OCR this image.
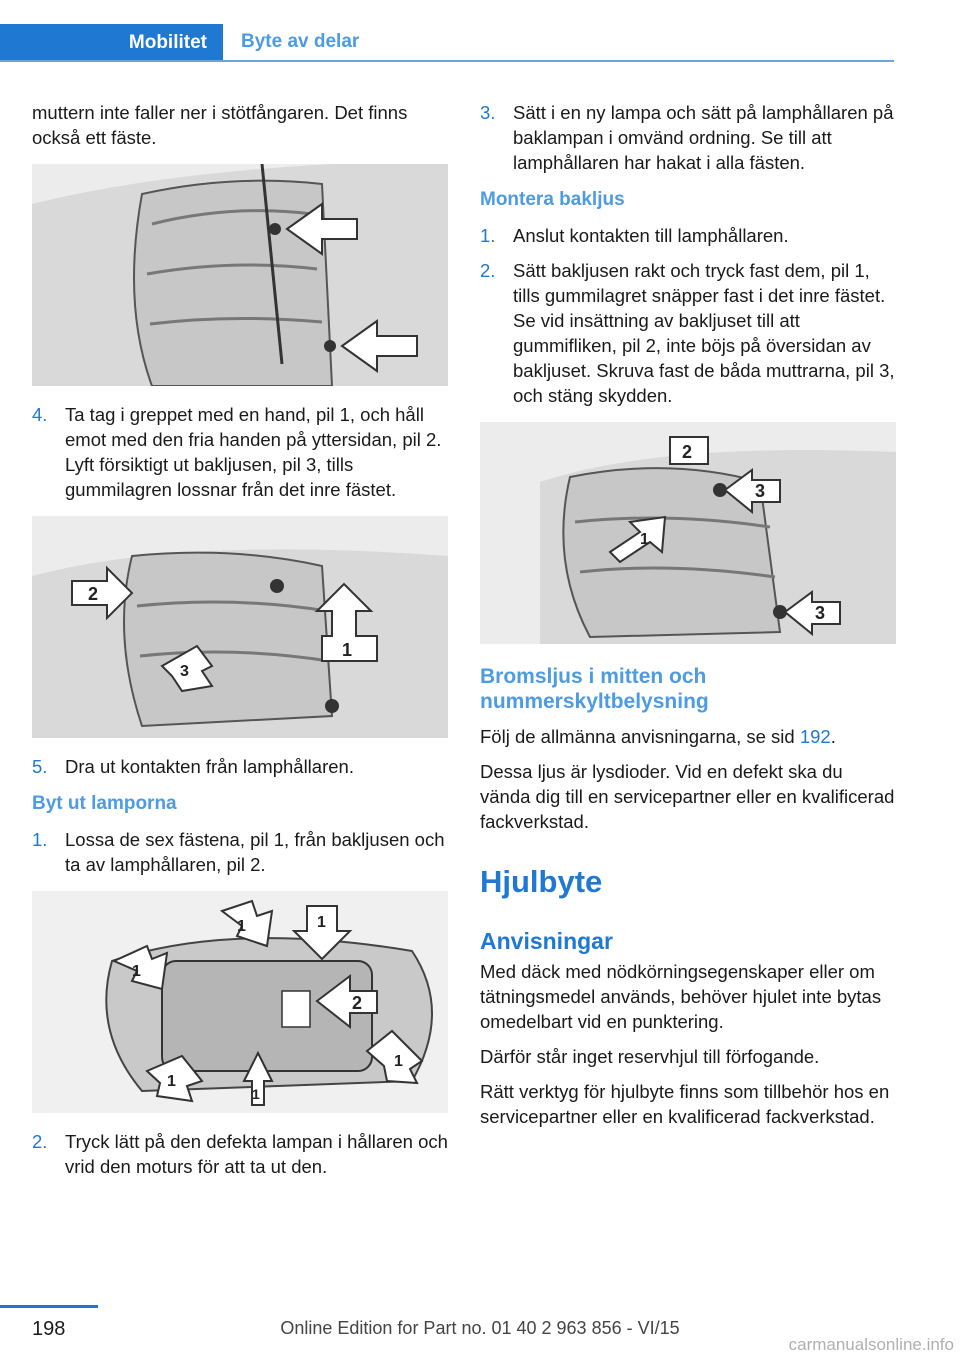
Mobilitet	Byte av delar

muttern inte faller ner i stötfångaren. Det finns också ett fäste.

4. Ta tag i greppet med en hand, pil 1, och håll emot med den fria handen på yttersidan, pil 2. Lyft försiktigt ut bakljusen, pil 3, tills gummilagren lossnar från det inre fästet.
2
1
3
5. Dra ut kontakten från lamphållaren.
Byt ut lamporna
1. Lossa de sex fästena, pil 1, från bakljusen och ta av lamphållaren, pil 2.
1	1
1
2
1
1
1
2. Tryck lätt på den defekta lampan i hållaren och vrid den moturs för att ta ut den.
3. Sätt i en ny lampa och sätt på lamphållaren på baklampan i omvänd ordning. Se till att lamphållaren har hakat i alla fästen.
Montera bakljus
1. Anslut kontakten till lamphållaren.
2. Sätt bakljusen rakt och tryck fast dem, pil 1, tills gummilagret snäpper fast i det inre fästet. Se vid insättning av bakljuset till att gummifliken, pil 2, inte böjs på översidan av bakljuset. Skruva fast de båda muttrarna, pil 3, och stäng skydden.
2
3
1
3
Bromsljus i mitten och nummerskyltbelysning

Följ de allmänna anvisningarna, se sid 192.

Dessa ljus är lysdioder. Vid en defekt ska du vända dig till en servicepartner eller en kvalificerad fackverkstad.

Hjulbyte
Anvisningar

Med däck med nödkörningsegenskaper eller om tätningsmedel används, behöver hjulet inte bytas omedelbart vid en punktering.

Därför står inget reservhjul till förfogande.

Rätt verktyg för hjulbyte finns som tillbehör hos en servicepartner eller en kvalificerad fackverkstad.

198	Online Edition for Part no. 01 40 2 963 856 - VI/15
carmanualsonline.info
